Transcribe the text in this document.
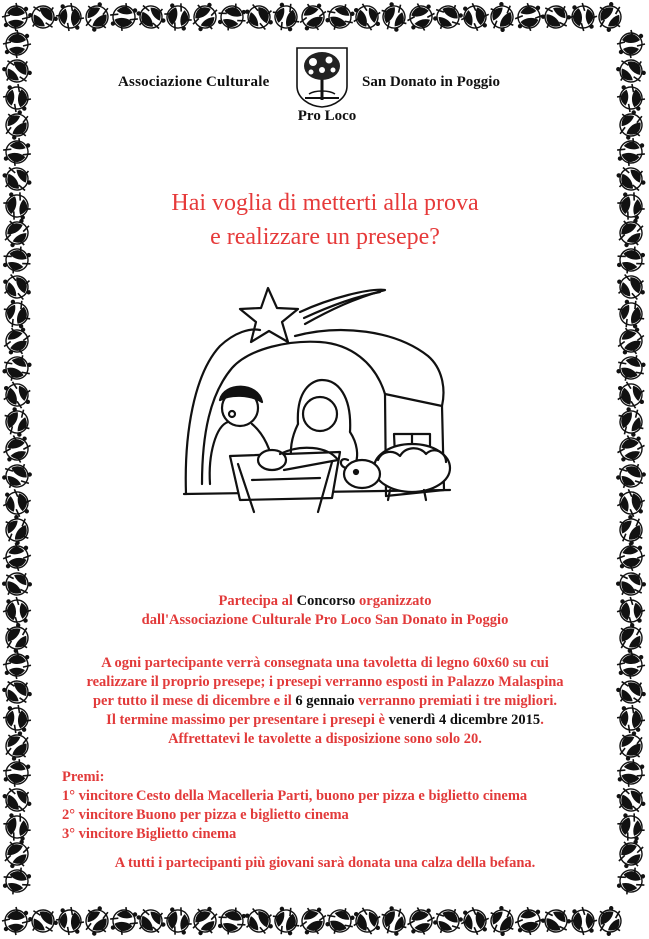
Associazione Culturale	San Donato in Poggio
Pro Loco
Hai voglia di metterti alla prova
e realizzare un presepe?
Partecipa al Concorso organizzato
dall'Associazione Culturale Pro Loco San Donato in Poggio
A ogni partecipante verrà consegnata una tavoletta di legno 60x60 su cui
realizzare il proprio presepe; i presepi verranno esposti in Palazzo Malaspina
per tutto il mese di dicembre e il 6 gennaio verranno premiati i tre migliori.
Il termine massimo per presentare i presepi è venerdì 4 dicembre 2015.
Affrettatevi le tavolette a disposizione sono solo 20.
Premi:
1° vincitore Cesto della Macelleria Parti, buono per pizza e biglietto cinema
2° vincitore Buono per pizza e biglietto cinema
3° vincitore Biglietto cinema
A tutti i partecipanti più giovani sarà donata una calza della befana.
